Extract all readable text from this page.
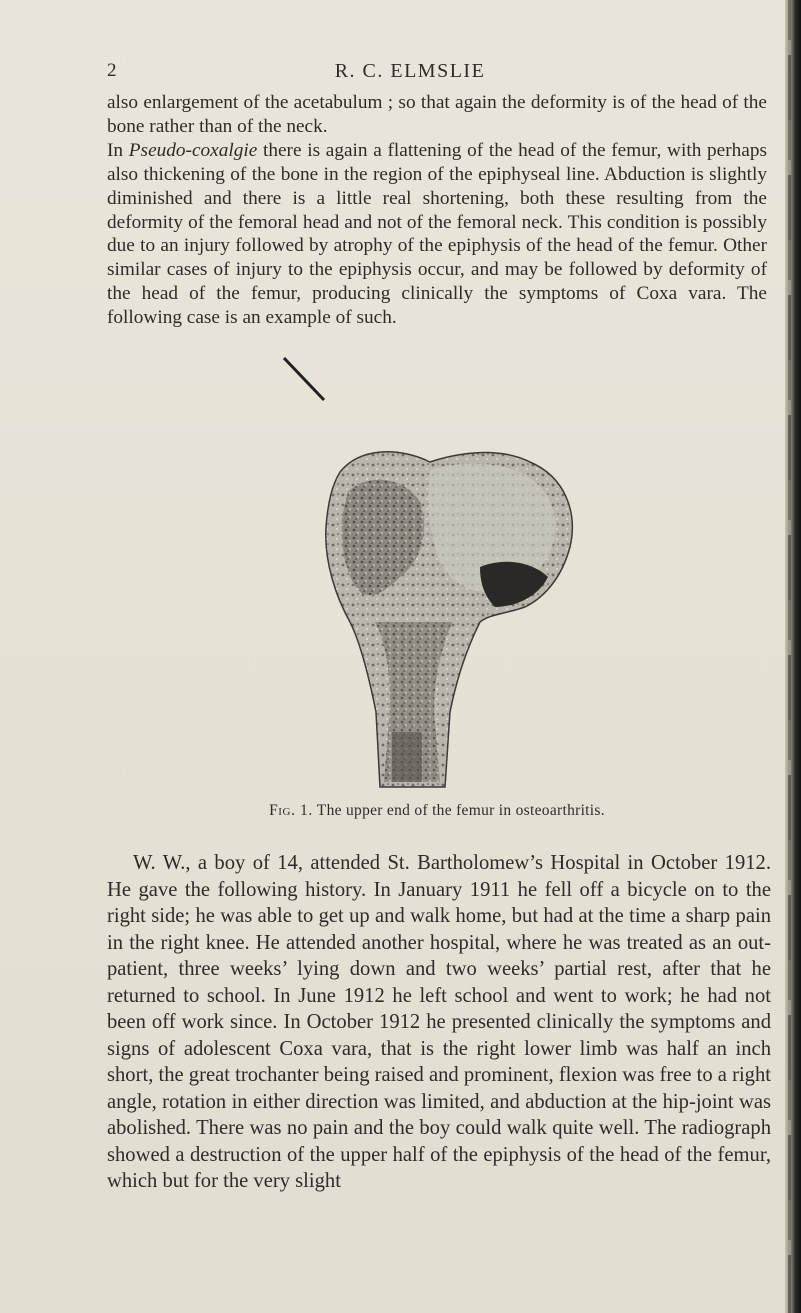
2	R. C. ELMSLIE

also enlargement of the acetabulum ; so that again the deformity is of the head of the bone rather than of the neck.

In Pseudo-coxalgie there is again a flattening of the head of the femur, with perhaps also thickening of the bone in the region of the epiphyseal line. Abduction is slightly diminished and there is a little real shortening, both these resulting from the deformity of the femoral head and not of the femoral neck. This condition is possibly due to an injury followed by atrophy of the epiphysis of the head of the femur. Other similar cases of injury to the epiphysis occur, and may be followed by deformity of the head of the femur, producing clinically the symptoms of Coxa vara. The following case is an example of such.

Fig. 1. The upper end of the femur in osteoarthritis.

W. W., a boy of 14, attended St. Bartholomew’s Hospital in October 1912. He gave the following history. In January 1911 he fell off a bicycle on to the right side; he was able to get up and walk home, but had at the time a sharp pain in the right knee. He attended another hospital, where he was treated as an out-patient, three weeks’ lying down and two weeks’ partial rest, after that he returned to school. In June 1912 he left school and went to work; he had not been off work since. In October 1912 he presented clinically the symptoms and signs of adolescent Coxa vara, that is the right lower limb was half an inch short, the great trochanter being raised and prominent, flexion was free to a right angle, rotation in either direction was limited, and abduction at the hip-joint was abolished. There was no pain and the boy could walk quite well. The radiograph showed a destruction of the upper half of the epiphysis of the head of the femur, which but for the very slight
